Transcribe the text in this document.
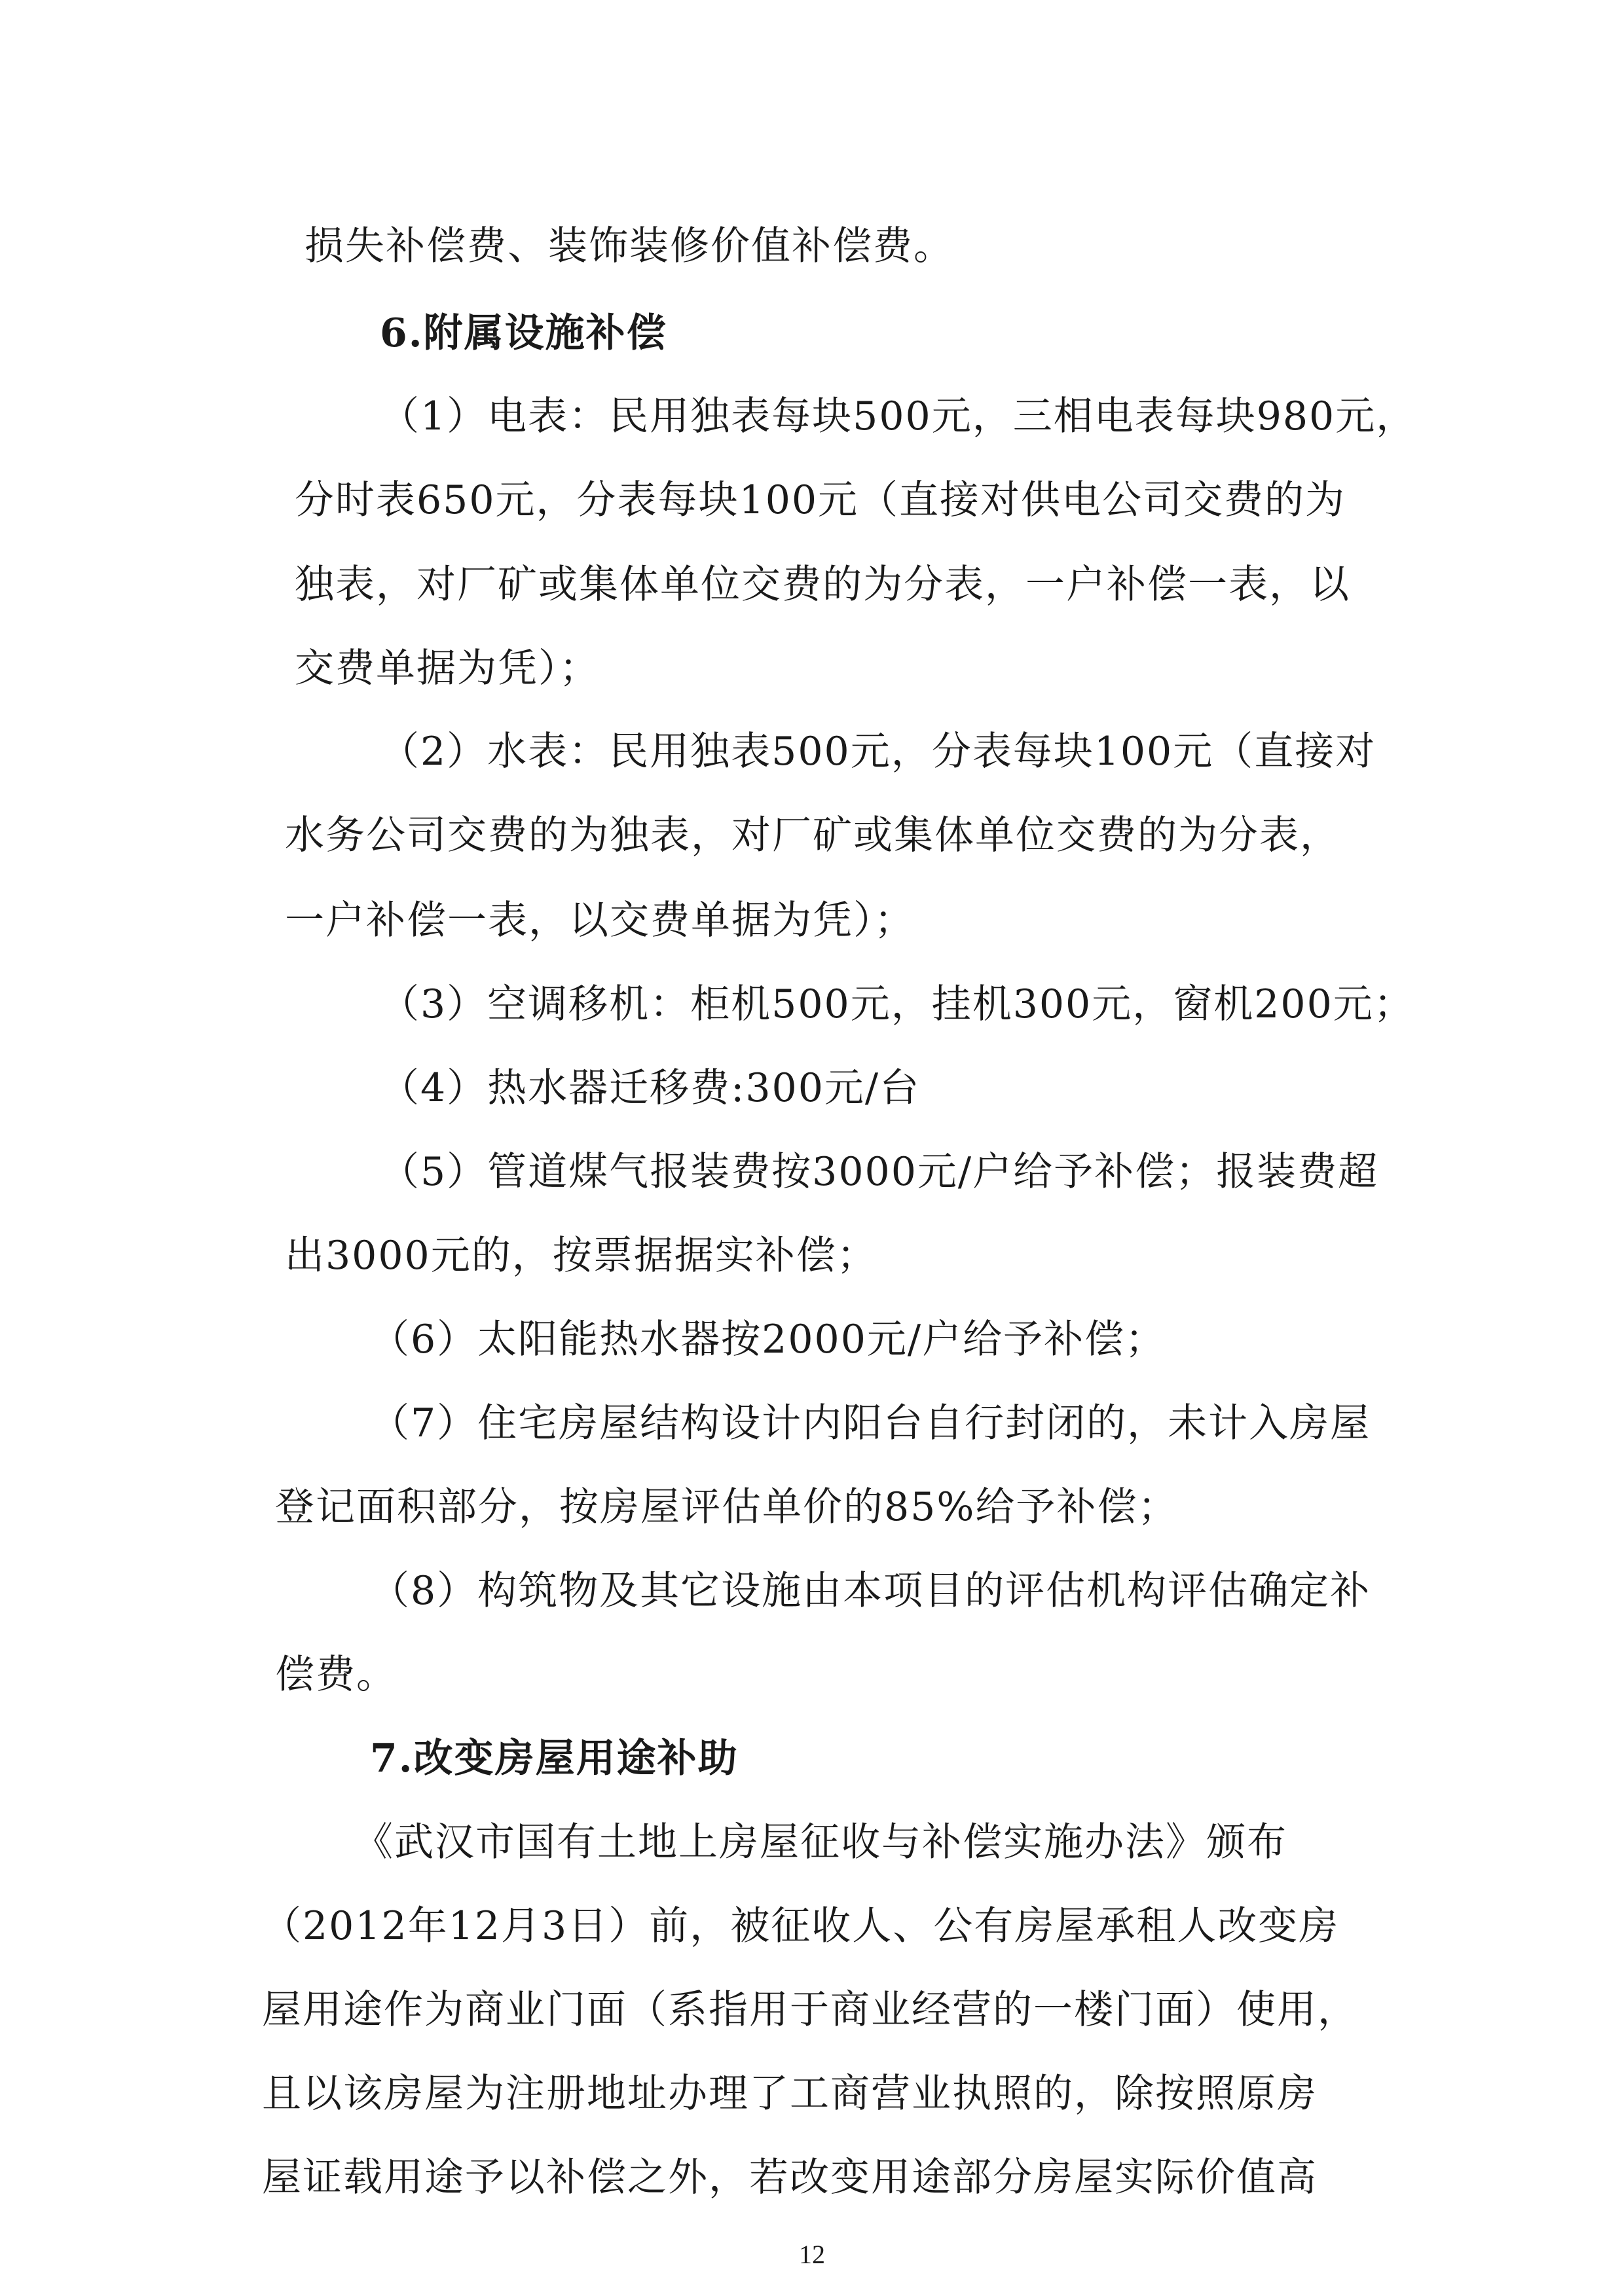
损失补偿费、装饰装修价值补偿费。
6.附属设施补偿
（1）电表：民用独表每块500元，三相电表每块980元，
分时表650元，分表每块100元（直接对供电公司交费的为
独表，对厂矿或集体单位交费的为分表，一户补偿一表，以
交费单据为凭）；
（2）水表：民用独表500元，分表每块100元（直接对
水务公司交费的为独表，对厂矿或集体单位交费的为分表，
一户补偿一表，以交费单据为凭）；
（3）空调移机：柜机500元，挂机300元，窗机200元；
（4）热水器迁移费:300元/台
（5）管道煤气报装费按3000元/户给予补偿；报装费超
出3000元的，按票据据实补偿；
（6）太阳能热水器按2000元/户给予补偿；
（7）住宅房屋结构设计内阳台自行封闭的，未计入房屋
登记面积部分，按房屋评估单价的85%给予补偿；
（8）构筑物及其它设施由本项目的评估机构评估确定补
偿费。
7.改变房屋用途补助
《武汉市国有土地上房屋征收与补偿实施办法》颁布
（2012年12月3日）前，被征收人、公有房屋承租人改变房
屋用途作为商业门面（系指用于商业经营的一楼门面）使用，
且以该房屋为注册地址办理了工商营业执照的，除按照原房
屋证载用途予以补偿之外，若改变用途部分房屋实际价值高
12
